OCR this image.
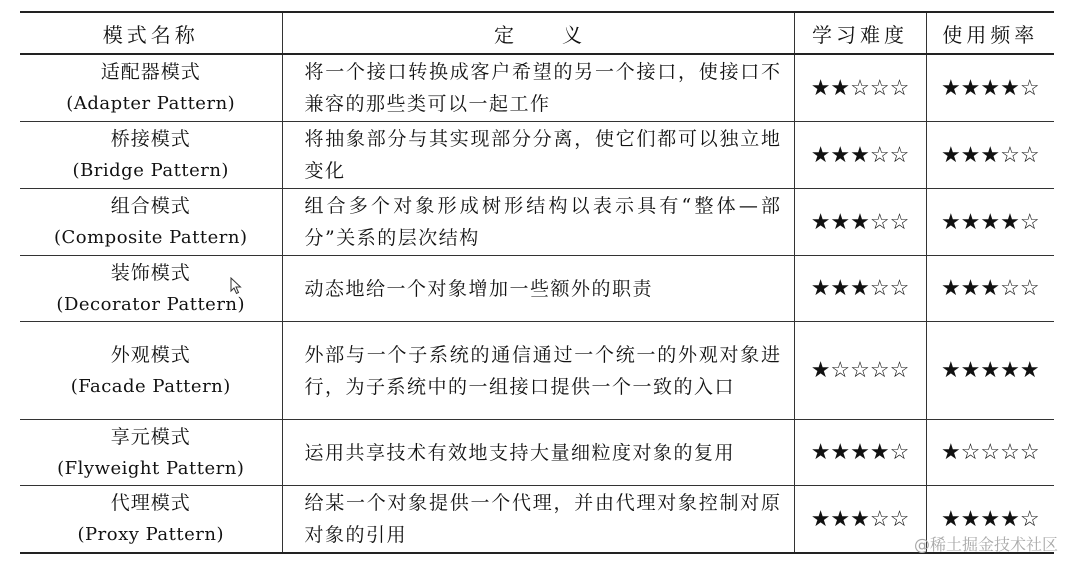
模式名称	定义	学习难度	使用频率

适配器模式
(Adapter Pattern)	将一个接口转换成客户希望的另一个接口，使接口不兼容的那些类可以一起工作	★★☆☆☆	★★★★☆

桥接模式
(Bridge Pattern)	将抽象部分与其实现部分分离，使它们都可以独立地变化	★★★☆☆	★★★☆☆

组合模式
(Composite Pattern)	组合多个对象形成树形结构以表示具有“整体—部分”关系的层次结构	★★★☆☆	★★★★☆

装饰模式
(Decorator Pattern)	动态地给一个对象增加一些额外的职责	★★★☆☆	★★★☆☆

外观模式
(Facade Pattern)	外部与一个子系统的通信通过一个统一的外观对象进行，为子系统中的一组接口提供一个一致的入口	★☆☆☆☆	★★★★★

享元模式
(Flyweight Pattern)	运用共享技术有效地支持大量细粒度对象的复用	★★★★☆	★☆☆☆☆

代理模式
(Proxy Pattern)	给某一个对象提供一个代理，并由代理对象控制对原对象的引用	★★★☆☆	★★★★☆
@稀土掘金技术社区
